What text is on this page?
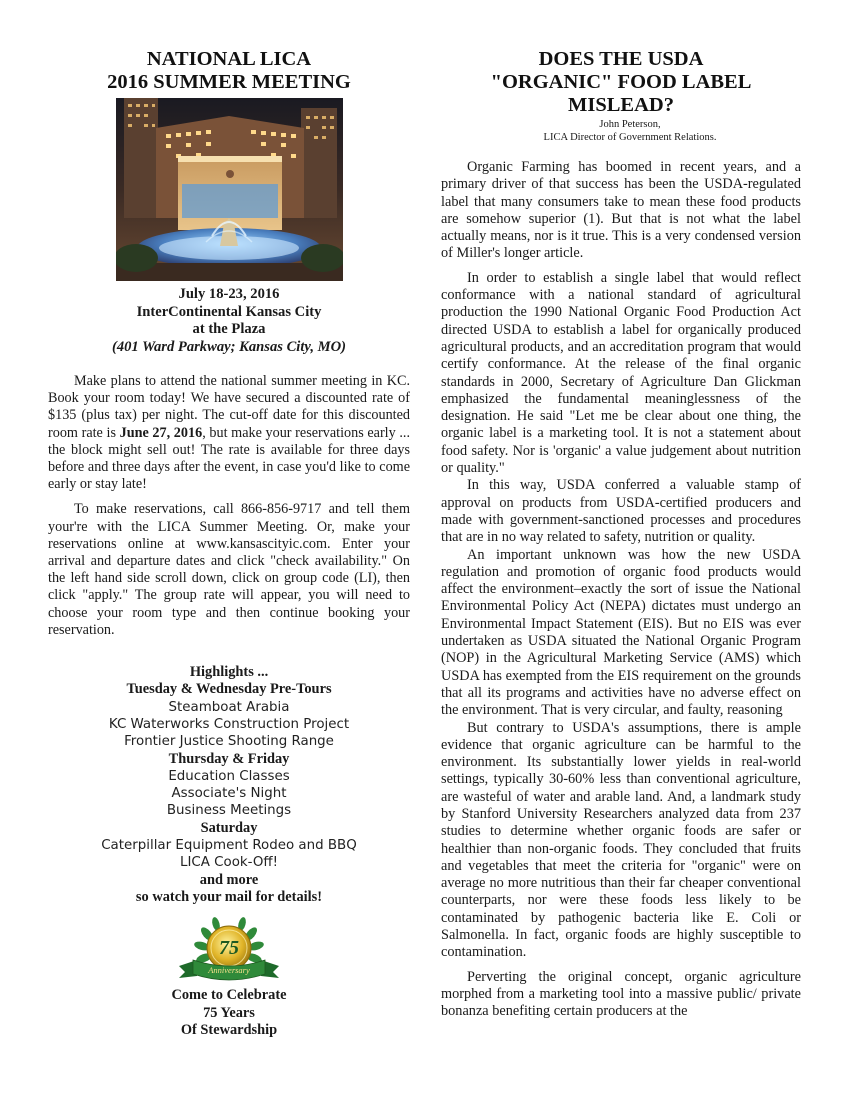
NATIONAL LICA
2016 SUMMER MEETING
July 18-23, 2016
InterContinental Kansas City
at the Plaza
(401 Ward Parkway; Kansas City, MO)

Make plans to attend the national summer meeting in KC. Book your room today! We have secured a discounted rate of $135 (plus tax) per night. The cut-off date for this discounted room rate is June 27, 2016, but make your reservations early ... the block might sell out! The rate is available for three days before and three days after the event, in case you'd like to come early or stay late!

To make reservations, call 866-856-9717 and tell them your're with the LICA Summer Meeting. Or, make your reservations online at www.kansascityic.com. Enter your arrival and departure dates and click "check availability." On the left hand side scroll down, click on group code (LI), then click "apply." The group rate will appear, you will need to choose your room type and then continue booking your reservation.

Highlights ...
Tuesday & Wednesday Pre-Tours
Steamboat Arabia
KC Waterworks Construction Project
Frontier Justice Shooting Range
Thursday & Friday
Education Classes
Associate's Night
Business Meetings
Saturday
Caterpillar Equipment Rodeo and BBQ
LICA Cook-Off!
and more
so watch your mail for details!
75
Anniversary
Come to Celebrate
75 Years
Of Stewardship
DOES THE USDA
"ORGANIC" FOOD LABEL MISLEAD?
John Peterson,
LICA Director of Government Relations.

Organic Farming has boomed in recent years, and a primary driver of that success has been the USDA-regulated label that many consumers take to mean these food products are somehow superior (1). But that is not what the label actually means, nor is it true. This is a very condensed version of Miller's longer article.

In order to establish a single label that would reflect conformance with a national standard of agricultural production the 1990 National Organic Food Production Act directed USDA to establish a label for organically produced agricultural products, and an accreditation program that would certify conformance. At the release of the final organic standards in 2000, Secretary of Agriculture Dan Glickman emphasized the fundamental meaninglessness of the designation. He said "Let me be clear about one thing, the organic label is a marketing tool. It is not a statement about food safety. Nor is 'organic' a value judgement about nutrition or quality."

In this way, USDA conferred a valuable stamp of approval on products from USDA-certified producers and made with government-sanctioned processes and procedures that are in no way related to safety, nutrition or quality.

An important unknown was how the new USDA regulation and promotion of organic food products would affect the environment–exactly the sort of issue the National Environmental Policy Act (NEPA) dictates must undergo an Environmental Impact Statement (EIS). But no EIS was ever undertaken as USDA situated the National Organic Program (NOP) in the Agricultural Marketing Service (AMS) which USDA has exempted from the EIS requirement on the grounds that all its programs and activities have no adverse effect on the environment. That is very circular, and faulty, reasoning

But contrary to USDA's assumptions, there is ample evidence that organic agriculture can be harmful to the environment. Its substantially lower yields in real-world settings, typically 30-60% less than conventional agriculture, are wasteful of water and arable land. And, a landmark study by Stanford University Researchers analyzed data from 237 studies to determine whether organic foods are safer or healthier than non-organic foods. They concluded that fruits and vegetables that meet the criteria for "organic" were on average no more nutritious than their far cheaper conventional counterparts, nor were these foods less likely to be contaminated by pathogenic bacteria like E. Coli or Salmonella. In fact, organic foods are highly susceptible to contamination.

Perverting the original concept, organic agriculture morphed from a marketing tool into a massive public/ private bonanza benefiting certain producers at the
